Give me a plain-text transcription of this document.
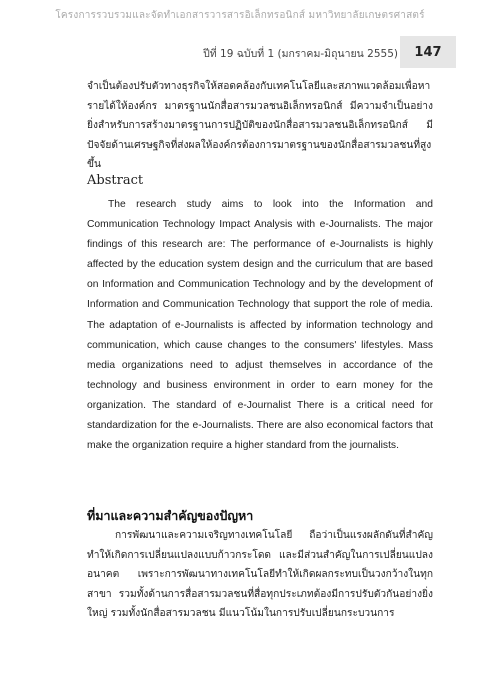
โครงการรวบรวมและจัดทำเอกสารวารสารอิเล็กทรอนิกส์ มหาวิทยาลัยเกษตรศาสตร์
ปีที่ 19 ฉบับที่ 1 (มกราคม-มิถุนายน 2555) 147

จำเป็นต้องปรับตัวทางธุรกิจให้สอดคล้องกับเทคโนโลยีและสภาพแวดล้อมเพื่อหารายได้ให้องค์กร มาตรฐานนักสื่อสารมวลชนอิเล็กทรอนิกส์ มีความจำเป็นอย่างยิ่งสำหรับการสร้างมาตรฐานการปฏิบัติของนักสื่อสารมวลชนอิเล็กทรอนิกส์ มีปัจจัยด้านเศรษฐกิจที่ส่งผลให้องค์กรต้องการมาตรฐานของนักสื่อสารมวลชนที่สูงขึ้น

Abstract

The research study aims to look into the Information and Communication Technology Impact Analysis with e-Journalists. The major findings of this research are: The performance of e-Journalists is highly affected by the education system design and the curriculum that are based on Information and Communication Technology and by the development of Information and Communication Technology that support the role of media. The adaptation of e-Journalists is affected by information technology and communication, which cause changes to the consumers' lifestyles. Mass media organizations need to adjust themselves in accordance of the technology and business environment in order to earn money for the organization. The standard of e-Journalist There is a critical need for standardization for the e-Journalists. There are also economical factors that make the organization require a higher standard from the journalists.

ที่มาและความสำคัญของปัญหา

การพัฒนาและความเจริญทางเทคโนโลยี ถือว่าเป็นแรงผลักดันที่สำคัญทำให้เกิดการเปลี่ยนแปลงแบบก้าวกระโดด และมีส่วนสำคัญในการเปลี่ยนแปลงอนาคต เพราะการพัฒนาทางเทคโนโลยีทำให้เกิดผลกระทบเป็นวงกว้างในทุกสาขา รวมทั้งด้านการสื่อสารมวลชนที่สื่อทุกประเภทต้องมีการปรับตัวกันอย่างยิ่งใหญ่ รวมทั้งนักสื่อสารมวลชน มีแนวโน้มในการปรับเปลี่ยนกระบวนการ
